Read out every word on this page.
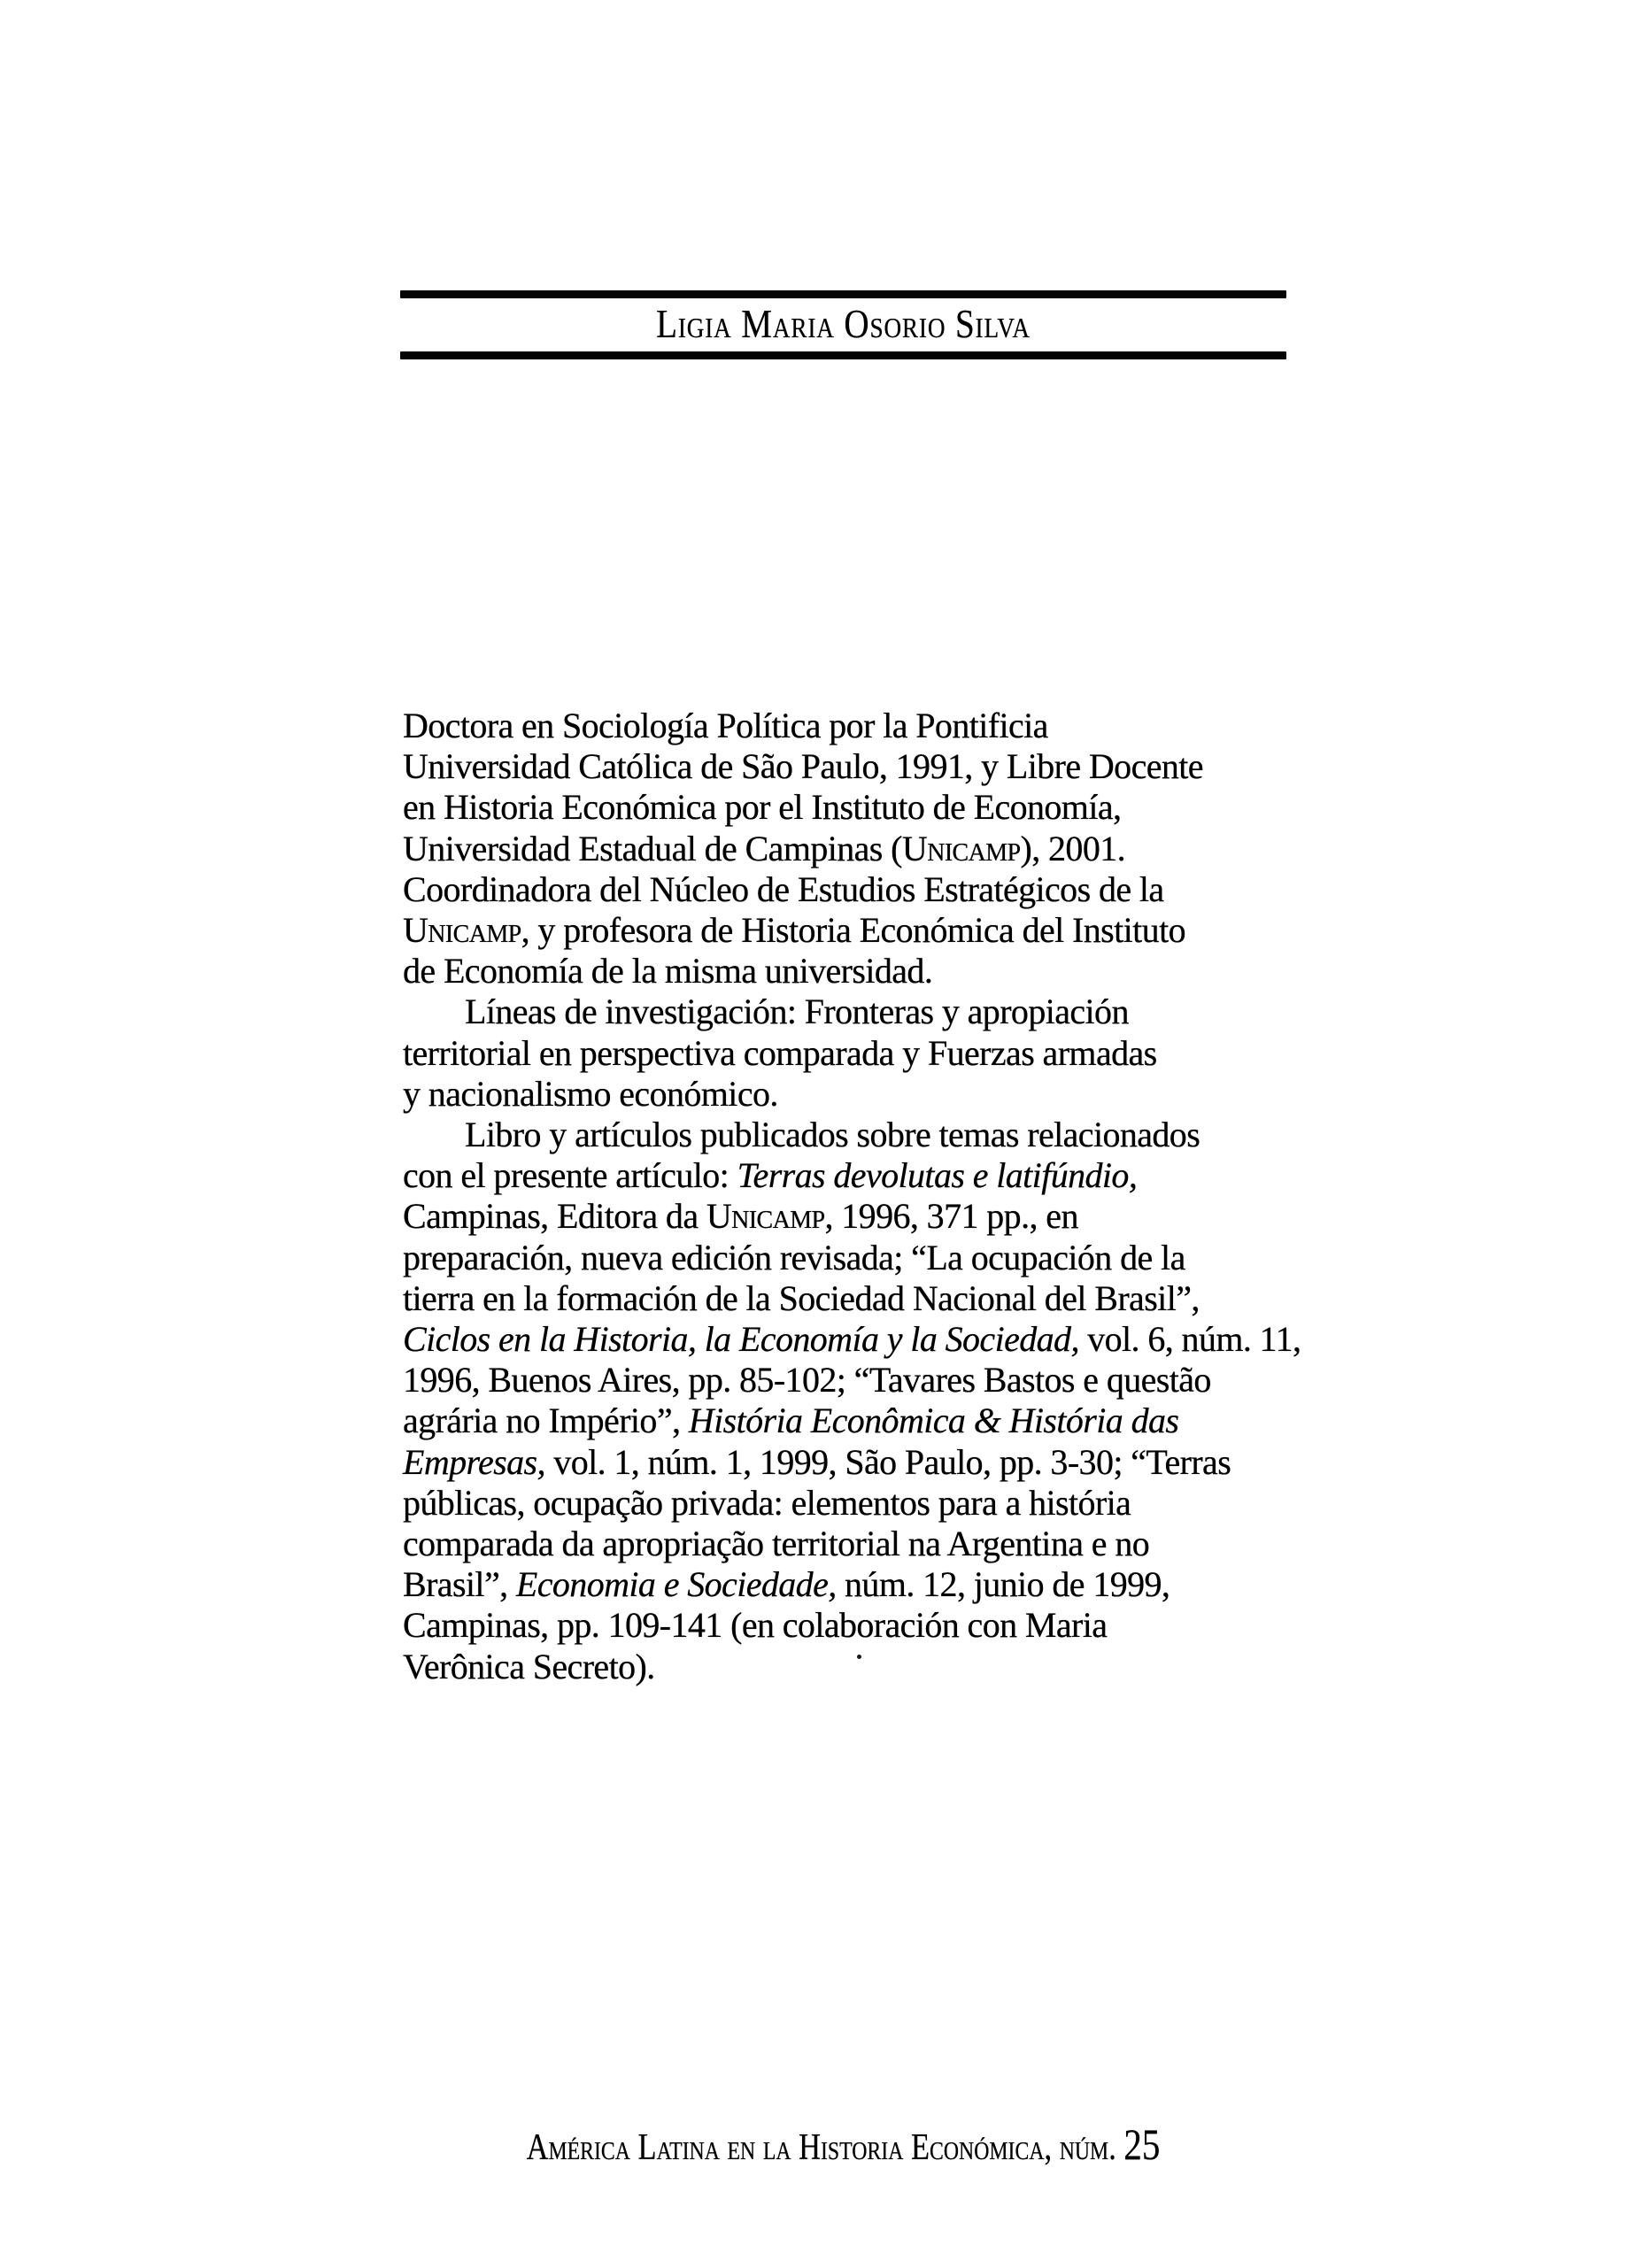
Ligia Maria Osorio Silva
Doctora en Sociología Política por la Pontificia
Universidad Católica de São Paulo, 1991, y Libre Docente
en Historia Económica por el Instituto de Economía,
Universidad Estadual de Campinas (Unicamp), 2001.
Coordinadora del Núcleo de Estudios Estratégicos de la
Unicamp, y profesora de Historia Económica del Instituto
de Economía de la misma universidad.
Líneas de investigación: Fronteras y apropiación
territorial en perspectiva comparada y Fuerzas armadas
y nacionalismo económico.
Libro y artículos publicados sobre temas relacionados
con el presente artículo: Terras devolutas e latifúndio,
Campinas, Editora da Unicamp, 1996, 371 pp., en
preparación, nueva edición revisada; “La ocupación de la
tierra en la formación de la Sociedad Nacional del Brasil”,
Ciclos en la Historia, la Economía y la Sociedad, vol. 6, núm. 11,
1996, Buenos Aires, pp. 85-102; “Tavares Bastos e questão
agrária no Império”, História Econômica & História das
Empresas, vol. 1, núm. 1, 1999, São Paulo, pp. 3-30; “Terras
públicas, ocupação privada: elementos para a história
comparada da apropriação territorial na Argentina e no
Brasil”, Economia e Sociedade, núm. 12, junio de 1999,
Campinas, pp. 109-141 (en colaboración con Maria
Verônica Secreto).
América Latina en la Historia Económica, núm. 25
